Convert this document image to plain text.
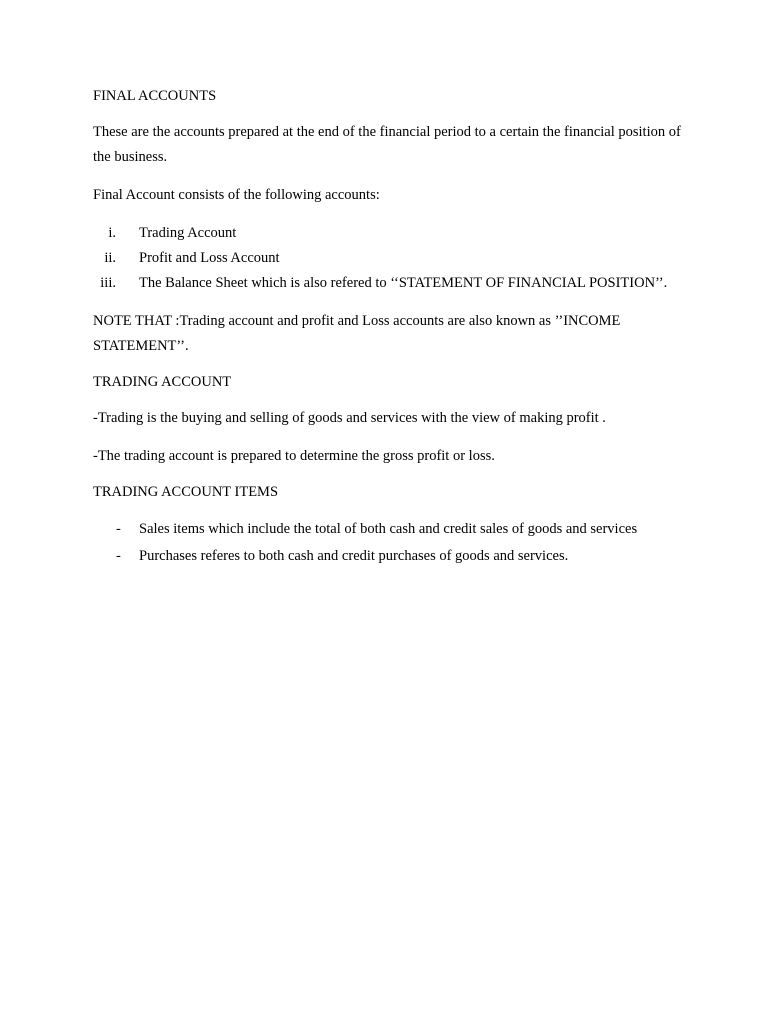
FINAL ACCOUNTS

These are the accounts prepared at the end of the financial period to a certain the financial position of the business.

Final Account consists of the following accounts:

i. Trading Account
ii. Profit and Loss Account
iii. The Balance Sheet which is also refered to ‘‘STATEMENT OF FINANCIAL POSITION’’.

NOTE THAT :Trading account and profit and Loss accounts are also known as ’’INCOME STATEMENT’’.

TRADING ACCOUNT

-Trading is the buying and selling of goods and services with the view of making profit .

-The trading account is prepared to determine the gross profit or loss.

TRADING ACCOUNT ITEMS
- Sales items which include the total of both cash and credit sales of goods and services
- Purchases referes to both cash and credit purchases of goods and services.
